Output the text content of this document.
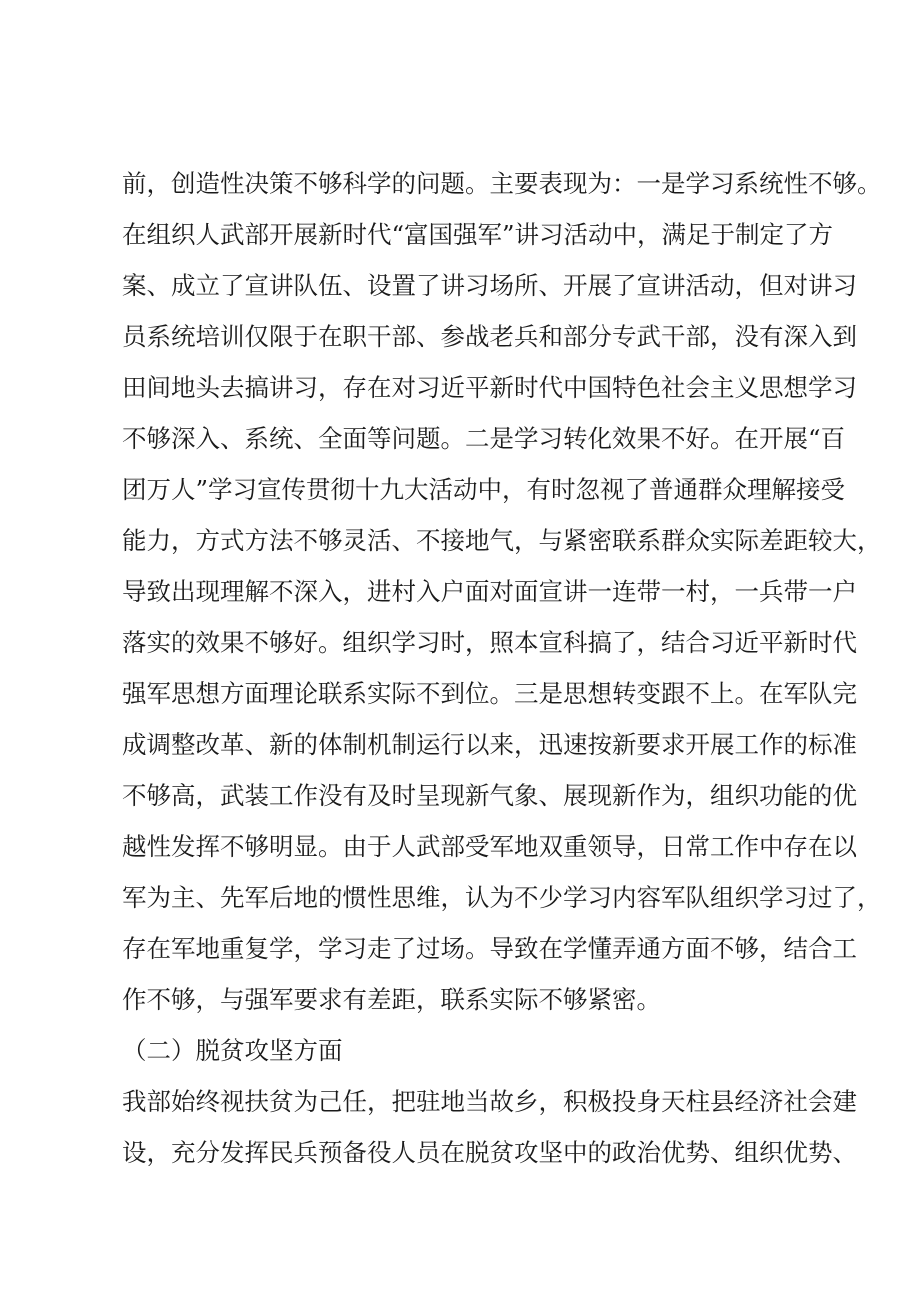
前，创造性决策不够科学的问题。主要表现为：一是学习系统性不够。
在组织人武部开展新时代“富国强军”讲习活动中，满足于制定了方
案、成立了宣讲队伍、设置了讲习场所、开展了宣讲活动，但对讲习
员系统培训仅限于在职干部、参战老兵和部分专武干部，没有深入到
田间地头去搞讲习，存在对习近平新时代中国特色社会主义思想学习
不够深入、系统、全面等问题。二是学习转化效果不好。在开展“百
团万人”学习宣传贯彻十九大活动中，有时忽视了普通群众理解接受
能力，方式方法不够灵活、不接地气，与紧密联系群众实际差距较大，
导致出现理解不深入，进村入户面对面宣讲一连带一村，一兵带一户
落实的效果不够好。组织学习时，照本宣科搞了，结合习近平新时代
强军思想方面理论联系实际不到位。三是思想转变跟不上。在军队完
成调整改革、新的体制机制运行以来，迅速按新要求开展工作的标准
不够高，武装工作没有及时呈现新气象、展现新作为，组织功能的优
越性发挥不够明显。由于人武部受军地双重领导，日常工作中存在以
军为主、先军后地的惯性思维，认为不少学习内容军队组织学习过了，
存在军地重复学，学习走了过场。导致在学懂弄通方面不够，结合工
作不够，与强军要求有差距，联系实际不够紧密。
（二）脱贫攻坚方面
我部始终视扶贫为己任，把驻地当故乡，积极投身天柱县经济社会建
设，充分发挥民兵预备役人员在脱贫攻坚中的政治优势、组织优势、
